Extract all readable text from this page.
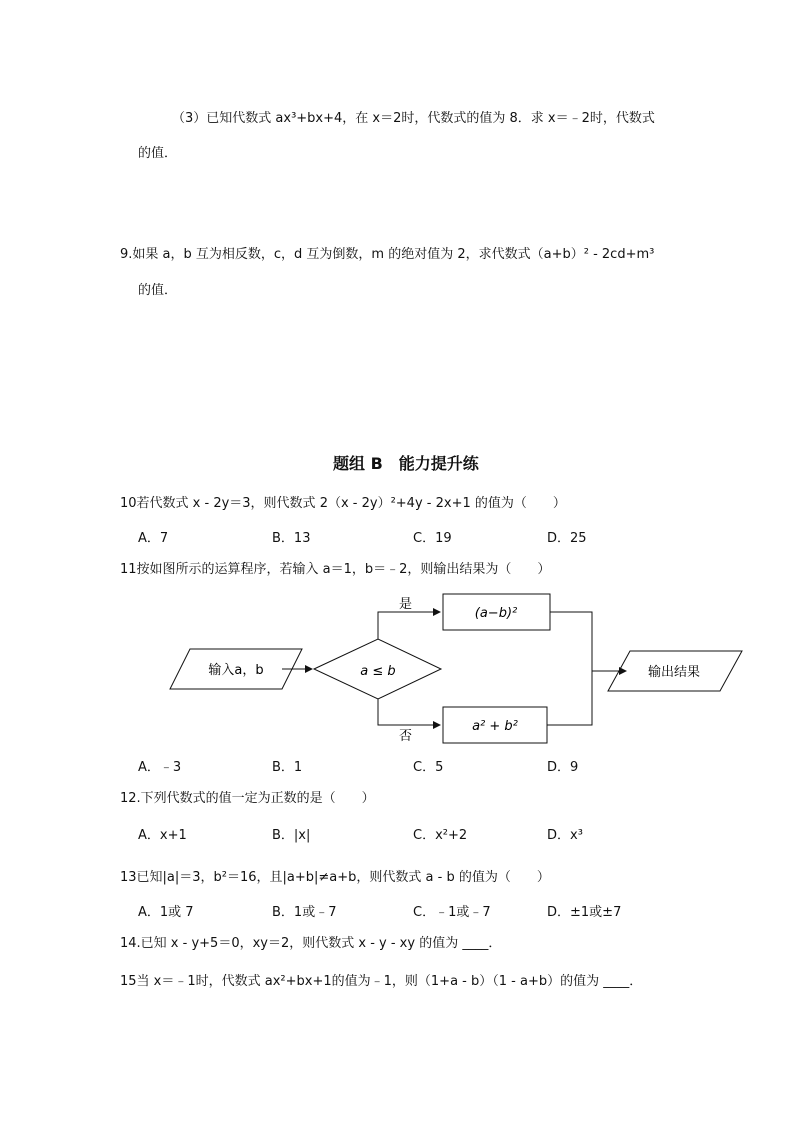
（3）已知代数式 ax³+bx+4，在 x＝2时，代数式的值为 8．求 x＝﹣2时，代数式
的值．
9.如果 a，b 互为相反数，c，d 互为倒数，m 的绝对值为 2，求代数式（a+b）² - 2cd+m³
的值．
题组 B　能力提升练
10若代数式 x - 2y＝3，则代数式 2（x - 2y）²+4y - 2x+1 的值为（　　）
A．7	B．13	C．19	D．25
11按如图所示的运算程序，若输入 a＝1，b＝﹣2，则输出结果为（　　）
输入a，b	a ≤ b
是
(a−b)²
否
a² + b²
输出结果
A．﹣3	B．1	C．5	D．9
12.下列代数式的值一定为正数的是（　　）
A．x+1	B．|x|	C．x²+2	D．x³
13已知|a|＝3，b²＝16，且|a+b|≠a+b，则代数式 a - b 的值为（　　）
A．1或 7	B．1或﹣7	C．﹣1或﹣7	D．±1或±7
14.已知 x - y+5＝0，xy＝2，则代数式 x - y - xy 的值为 ____．
15当 x＝﹣1时，代数式 ax²+bx+1的值为﹣1，则（1+a - b）（1 - a+b）的值为 ____．
